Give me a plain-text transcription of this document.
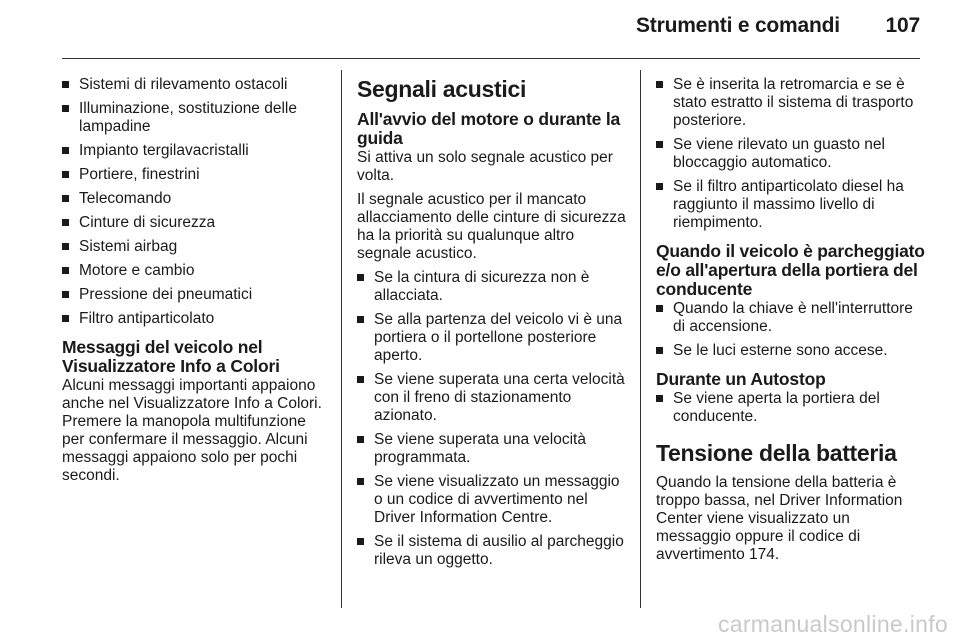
Strumenti e comandi 107
Sistemi di rilevamento ostacoli
Illuminazione, sostituzione delle lampadine
Impianto tergilavacristalli
Portiere, finestrini
Telecomando
Cinture di sicurezza
Sistemi airbag
Motore e cambio
Pressione dei pneumatici
Filtro antiparticolato
Messaggi del veicolo nel Visualizzatore Info a Colori

Alcuni messaggi importanti appaiono anche nel Visualizzatore Info a Colori. Premere la manopola multifunzione per confermare il messaggio. Alcuni messaggi appaiono solo per pochi secondi.

Segnali acustici
All'avvio del motore o durante la guida

Si attiva un solo segnale acustico per volta.

Il segnale acustico per il mancato allacciamento delle cinture di sicurezza ha la priorità su qualunque altro segnale acustico.

Se la cintura di sicurezza non è allacciata.
Se alla partenza del veicolo vi è una portiera o il portellone posteriore aperto.
Se viene superata una certa velocità con il freno di stazionamento azionato.
Se viene superata una velocità programmata.
Se viene visualizzato un messaggio o un codice di avvertimento nel Driver Information Centre.
Se il sistema di ausilio al parcheggio rileva un oggetto.
Se è inserita la retromarcia e se è stato estratto il sistema di trasporto posteriore.
Se viene rilevato un guasto nel bloccaggio automatico.
Se il filtro antiparticolato diesel ha raggiunto il massimo livello di riempimento.
Quando il veicolo è parcheggiato e/o all'apertura della portiera del conducente
Quando la chiave è nell'interruttore di accensione.
Se le luci esterne sono accese.
Durante un Autostop
Se viene aperta la portiera del conducente.
Tensione della batteria

Quando la tensione della batteria è troppo bassa, nel Driver Information Center viene visualizzato un messaggio oppure il codice di avvertimento 174.

carmanualsonline.info
